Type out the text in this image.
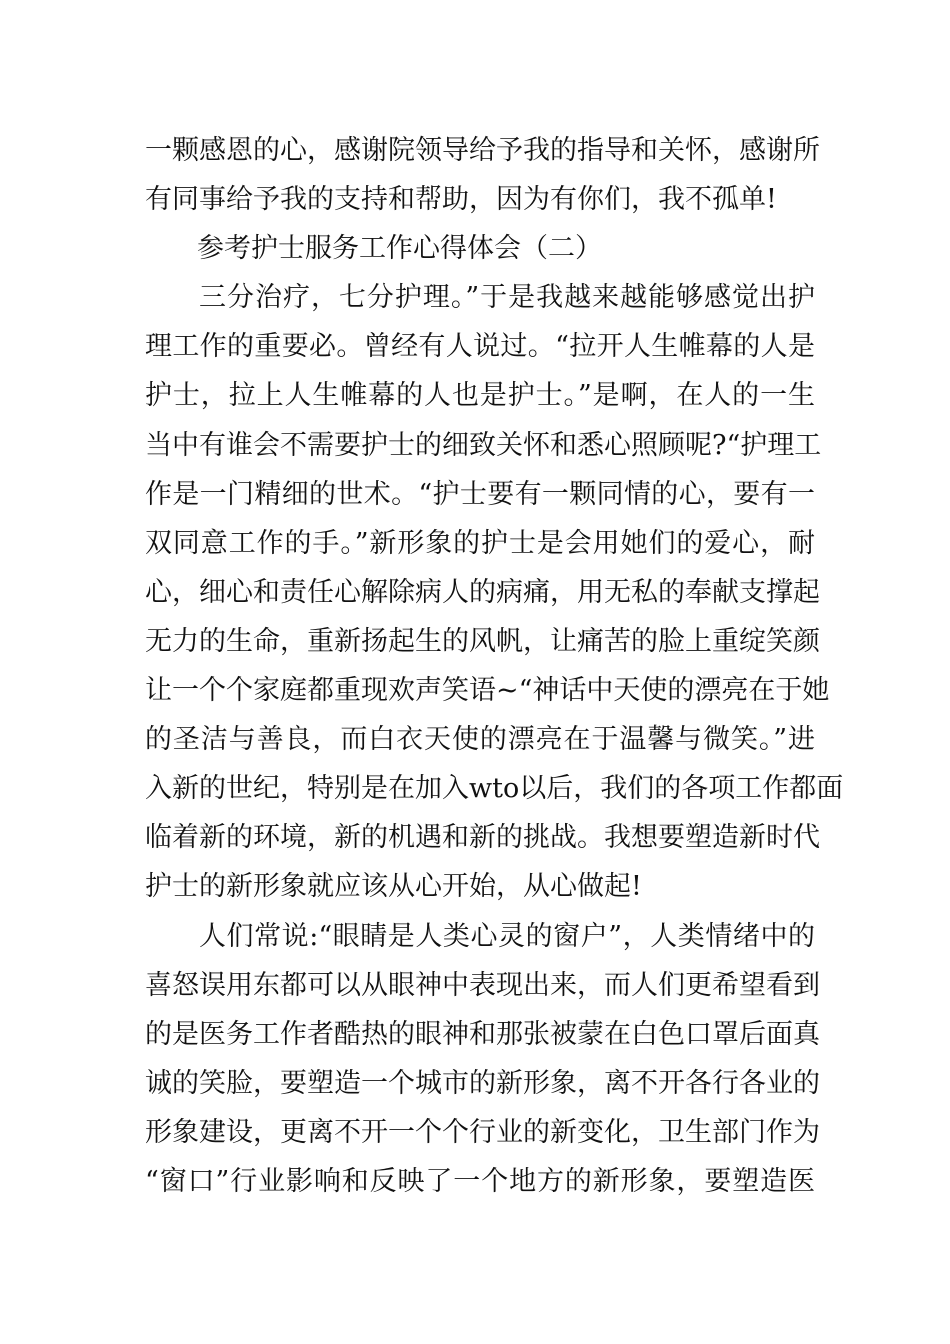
一颗感恩的心，感谢院领导给予我的指导和关怀，感谢所
有同事给予我的支持和帮助，因为有你们，我不孤单!
参考护士服务工作心得体会（二）
三分治疗，七分护理。”于是我越来越能够感觉出护
理工作的重要必。曾经有人说过。“拉开人生帷幕的人是
护士，拉上人生帷幕的人也是护士。”是啊，在人的一生
当中有谁会不需要护士的细致关怀和悉心照顾呢?“护理工
作是一门精细的世术。“护士要有一颗同情的心，要有一
双同意工作的手。”新形象的护士是会用她们的爱心，耐
心，细心和责任心解除病人的病痛，用无私的奉献支撑起
无力的生命，重新扬起生的风帆，让痛苦的脸上重绽笑颜
让一个个家庭都重现欢声笑语~“神话中天使的漂亮在于她
的圣洁与善良，而白衣天使的漂亮在于温馨与微笑。”进
入新的世纪，特别是在加入wto以后，我们的各项工作都面
临着新的环境，新的机遇和新的挑战。我想要塑造新时代
护士的新形象就应该从心开始，从心做起!
人们常说:“眼睛是人类心灵的窗户”，人类情绪中的
喜怒误用东都可以从眼神中表现出来，而人们更希望看到
的是医务工作者酷热的眼神和那张被蒙在白色口罩后面真
诚的笑脸，要塑造一个城市的新形象，离不开各行各业的
形象建设，更离不开一个个行业的新变化，卫生部门作为
“窗口”行业影响和反映了一个地方的新形象，要塑造医
